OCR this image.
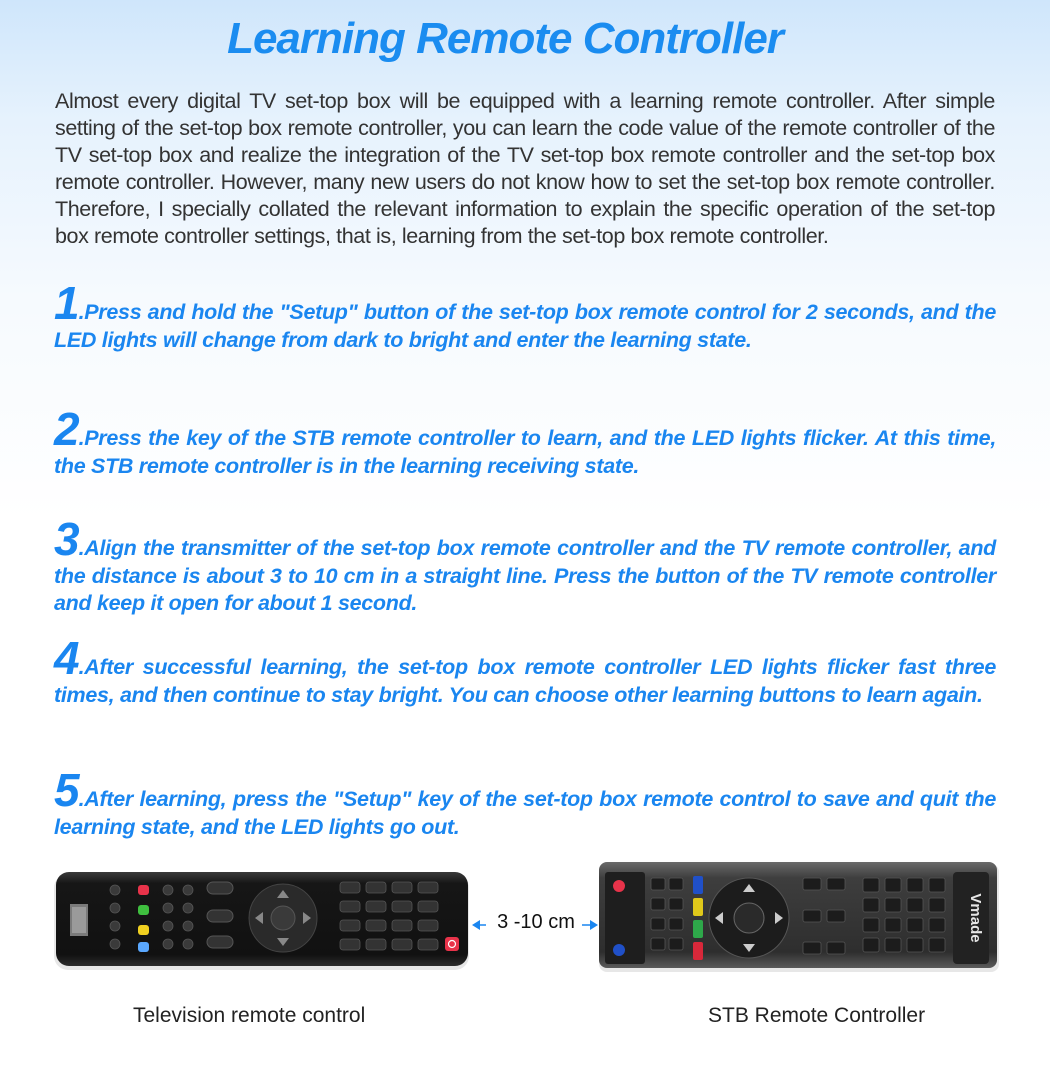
Learning Remote Controller
Almost every digital TV set-top box will be equipped with a learning remote controller. After simple setting of the set-top box remote controller, you can learn the code value of the remote controller of the TV set-top box and realize the integration of the TV set-top box remote controller and the set-top box remote controller. However, many new users do not know how to set the set-top box remote controller. Therefore, I specially collated the relevant information to explain the specific operation of the set-top box remote controller settings, that is, learning from the set-top box remote controller.
1.Press and hold the "Setup" button of the set-top box remote control for 2 seconds, and the LED lights will change from dark to bright and enter the learning state.
2.Press the key of the STB remote controller to learn, and the LED lights flicker. At this time, the STB remote controller is in the learning receiving state.
3.Align the transmitter of the set-top box remote controller and the TV remote controller, and the distance is about 3 to 10 cm in a straight line. Press the button of the TV remote controller and keep it open for about 1 second.
4.After successful learning, the set-top box remote controller LED lights flicker fast three times, and then continue to stay bright. You can choose other learning buttons to learn again.
5.After learning, press the "Setup" key of the set-top box remote control to save and quit the learning state, and the LED lights go out.
3 -10 cm	Vmade
Television remote control	STB Remote Controller
